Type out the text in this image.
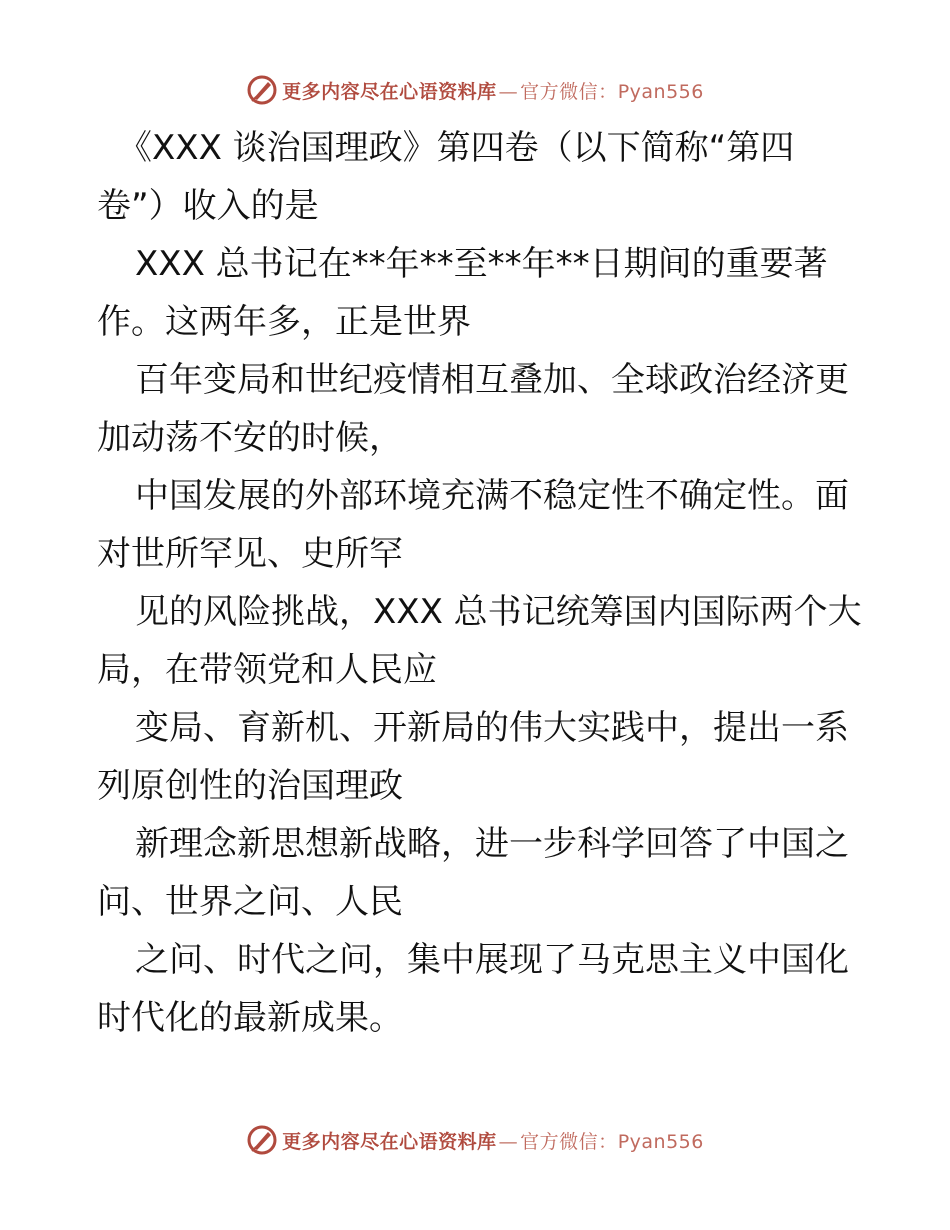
更多内容尽在心语资料库 — 官方微信：Pyan556
《XXX 谈治国理政》第四卷（以下简称“第四
卷”）收入的是
XXX 总书记在**年**至**年**日期间的重要著
作。这两年多，正是世界
百年变局和世纪疫情相互叠加、全球政治经济更
加动荡不安的时候，
中国发展的外部环境充满不稳定性不确定性。面
对世所罕见、史所罕
见的风险挑战，XXX 总书记统筹国内国际两个大
局，在带领党和人民应
变局、育新机、开新局的伟大实践中，提出一系
列原创性的治国理政
新理念新思想新战略，进一步科学回答了中国之
问、世界之问、人民
之问、时代之问，集中展现了马克思主义中国化
时代化的最新成果。
更多内容尽在心语资料库 — 官方微信：Pyan556
